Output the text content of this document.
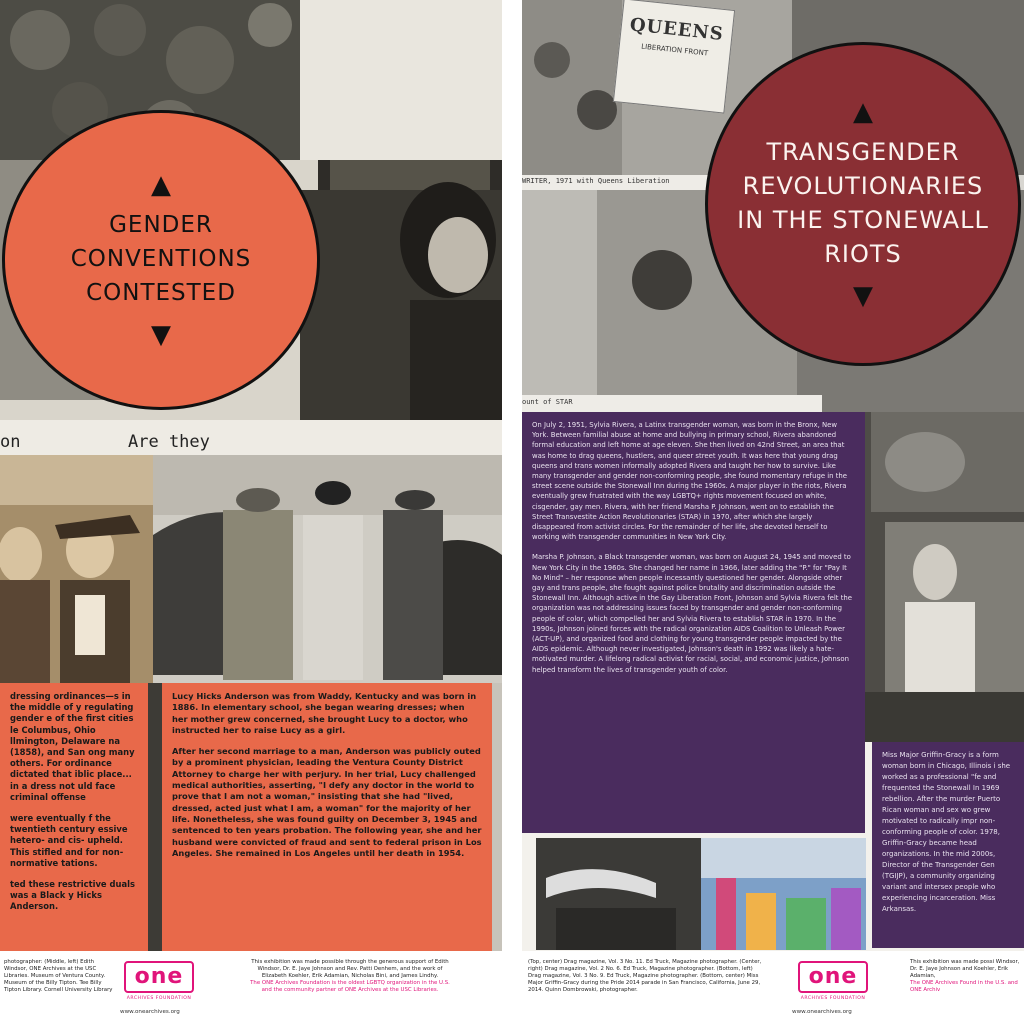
on	Are they
▲
GENDER
CONVENTIONS
CONTESTED
▼

dressing ordinances—s in the middle of y regulating gender e of the first cities le Columbus, Ohio llmington, Delaware na (1858), and San ong many others. For ordinance dictated that iblic place... in a dress not uld face criminal offense

were eventually f the twentieth century essive hetero- and cis- upheld. This stifled and for non-normative tations.

ted these restrictive duals was a Black y Hicks Anderson.

Lucy Hicks Anderson was from Waddy, Kentucky and was born in 1886. In elementary school, she began wearing dresses; when her mother grew concerned, she brought Lucy to a doctor, who instructed her to raise Lucy as a girl.

After her second marriage to a man, Anderson was publicly outed by a prominent physician, leading the Ventura County District Attorney to charge her with perjury. In her trial, Lucy challenged medical authorities, asserting, "I defy any doctor in the world to prove that I am not a woman," insisting that she had "lived, dressed, acted just what I am, a woman" for the majority of her life. Nonetheless, she was found guilty on December 3, 1945 and sentenced to ten years probation. The following year, she and her husband were convicted of fraud and sent to federal prison in Los Angeles. She remained in Los Angeles until her death in 1954.

photographer: (Middle, left) Edith Windsor, ONE Archives at the USC Libraries. Museum of Ventura County. Museum of the Billy Tipton. Tee Billy Tipton Library. Cornell University Library
one
ARCHIVES FOUNDATION
www.onearchives.org
This exhibition was made possible through the generous support of Edith Windsor, Dr. E. Jaye Johnson and Rev. Patti Oenhem, and the work of Elizabeth Koehler, Erik Adamian, Nicholas Bini, and James Lindhy.
The ONE Archives Foundation is the oldest LGBTQ organization in the U.S. and the community partner of ONE Archives at the USC Libraries.
QUEENS
LIBERATION FRONT
WRITER, 1971 with Queens Liberation
ount of STAR
▲
TRANSGENDER
REVOLUTIONARIES
IN THE STONEWALL
RIOTS
▼

On July 2, 1951, Sylvia Rivera, a Latinx transgender woman, was born in the Bronx, New York. Between familial abuse at home and bullying in primary school, Rivera abandoned formal education and left home at age eleven. She then lived on 42nd Street, an area that was home to drag queens, hustlers, and queer street youth. It was here that young drag queens and trans women informally adopted Rivera and taught her how to survive. Like many transgender and gender non-conforming people, she found momentary refuge in the street scene outside the Stonewall Inn during the 1960s. A major player in the riots, Rivera eventually grew frustrated with the way LGBTQ+ rights movement focused on white, cisgender, gay men. Rivera, with her friend Marsha P. Johnson, went on to establish the Street Transvestite Action Revolutionaries (STAR) in 1970, after which she largely disappeared from activist circles. For the remainder of her life, she devoted herself to working with transgender communities in New York City.

Marsha P. Johnson, a Black transgender woman, was born on August 24, 1945 and moved to New York City in the 1960s. She changed her name in 1966, later adding the "P." for "Pay It No Mind" – her response when people incessantly questioned her gender. Alongside other gay and trans people, she fought against police brutality and discrimination outside the Stonewall Inn. Although active in the Gay Liberation Front, Johnson and Sylvia Rivera felt the organization was not addressing issues faced by transgender and gender non-conforming people of color, which compelled her and Sylvia Rivera to establish STAR in 1970. In the 1990s, Johnson joined forces with the radical organization AIDS Coalition to Unleash Power (ACT-UP), and organized food and clothing for young transgender people impacted by the AIDS epidemic. Although never investigated, Johnson's death in 1992 was likely a hate-motivated murder. A lifelong radical activist for racial, social, and economic justice, Johnson helped transform the lives of transgender youth of color.

Miss Major Griffin-Gracy is a form woman born in Chicago, Illinois i she worked as a professional "fe and frequented the Stonewall In 1969 rebellion. After the murder Puerto Rican woman and sex wo grew motivated to radically impr non-conforming people of color. 1978, Griffin-Gracy became head organizations. In the mid 2000s, Director of the Transgender Gen (TGIJP), a community organizing variant and intersex people who experiencing incarceration. Miss Arkansas.

(Top, center) Drag magazine, Vol. 3 No. 11. Ed Truck, Magazine photographer. (Center, right) Drag magazine, Vol. 2 No. 6. Ed Truck, Magazine photographer. (Bottom, left) Drag magazine, Vol. 3 No. 9. Ed Truck, Magazine photographer. (Bottom, center) Miss Major Griffin-Gracy during the Pride 2014 parade in San Francisco, California, June 29, 2014. Quinn Dombrowski, photographer.
one
ARCHIVES FOUNDATION
www.onearchives.org
This exhibition was made possi Windsor, Dr. E. Jaye Johnson and Koehler, Erik Adamian,
The ONE Archives Found in the U.S. and ONE Archiv
